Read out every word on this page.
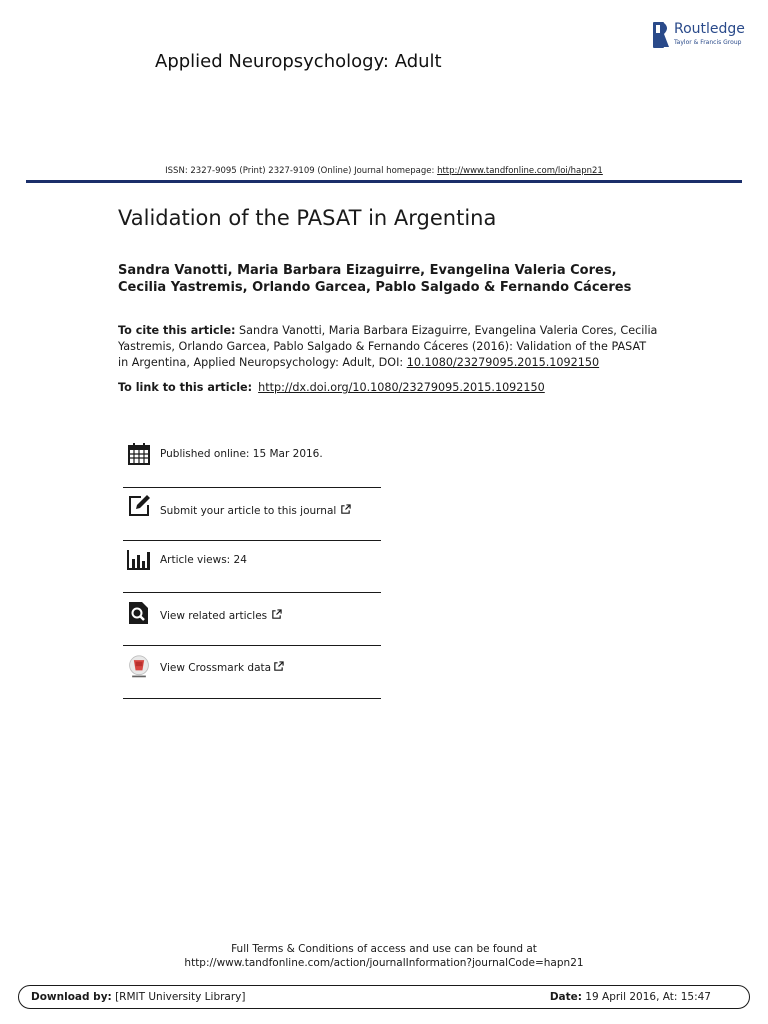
Applied Neuropsychology: Adult
Routledge
Taylor & Francis Group
ISSN: 2327-9095 (Print) 2327-9109 (Online) Journal homepage: http://www.tandfonline.com/loi/hapn21
Validation of the PASAT in Argentina
Sandra Vanotti, Maria Barbara Eizaguirre, Evangelina Valeria Cores, Cecilia Yastremis, Orlando Garcea, Pablo Salgado & Fernando Cáceres
To cite this article: Sandra Vanotti, Maria Barbara Eizaguirre, Evangelina Valeria Cores, Cecilia Yastremis, Orlando Garcea, Pablo Salgado & Fernando Cáceres (2016): Validation of the PASAT in Argentina, Applied Neuropsychology: Adult, DOI: 10.1080/23279095.2015.1092150
To link to this article: http://dx.doi.org/10.1080/23279095.2015.1092150
Published online: 15 Mar 2016.
Submit your article to this journal
Article views: 24
View related articles
View Crossmark data
Full Terms & Conditions of access and use can be found at
http://www.tandfonline.com/action/journalInformation?journalCode=hapn21
Download by: [RMIT University Library]	Date: 19 April 2016, At: 15:47
